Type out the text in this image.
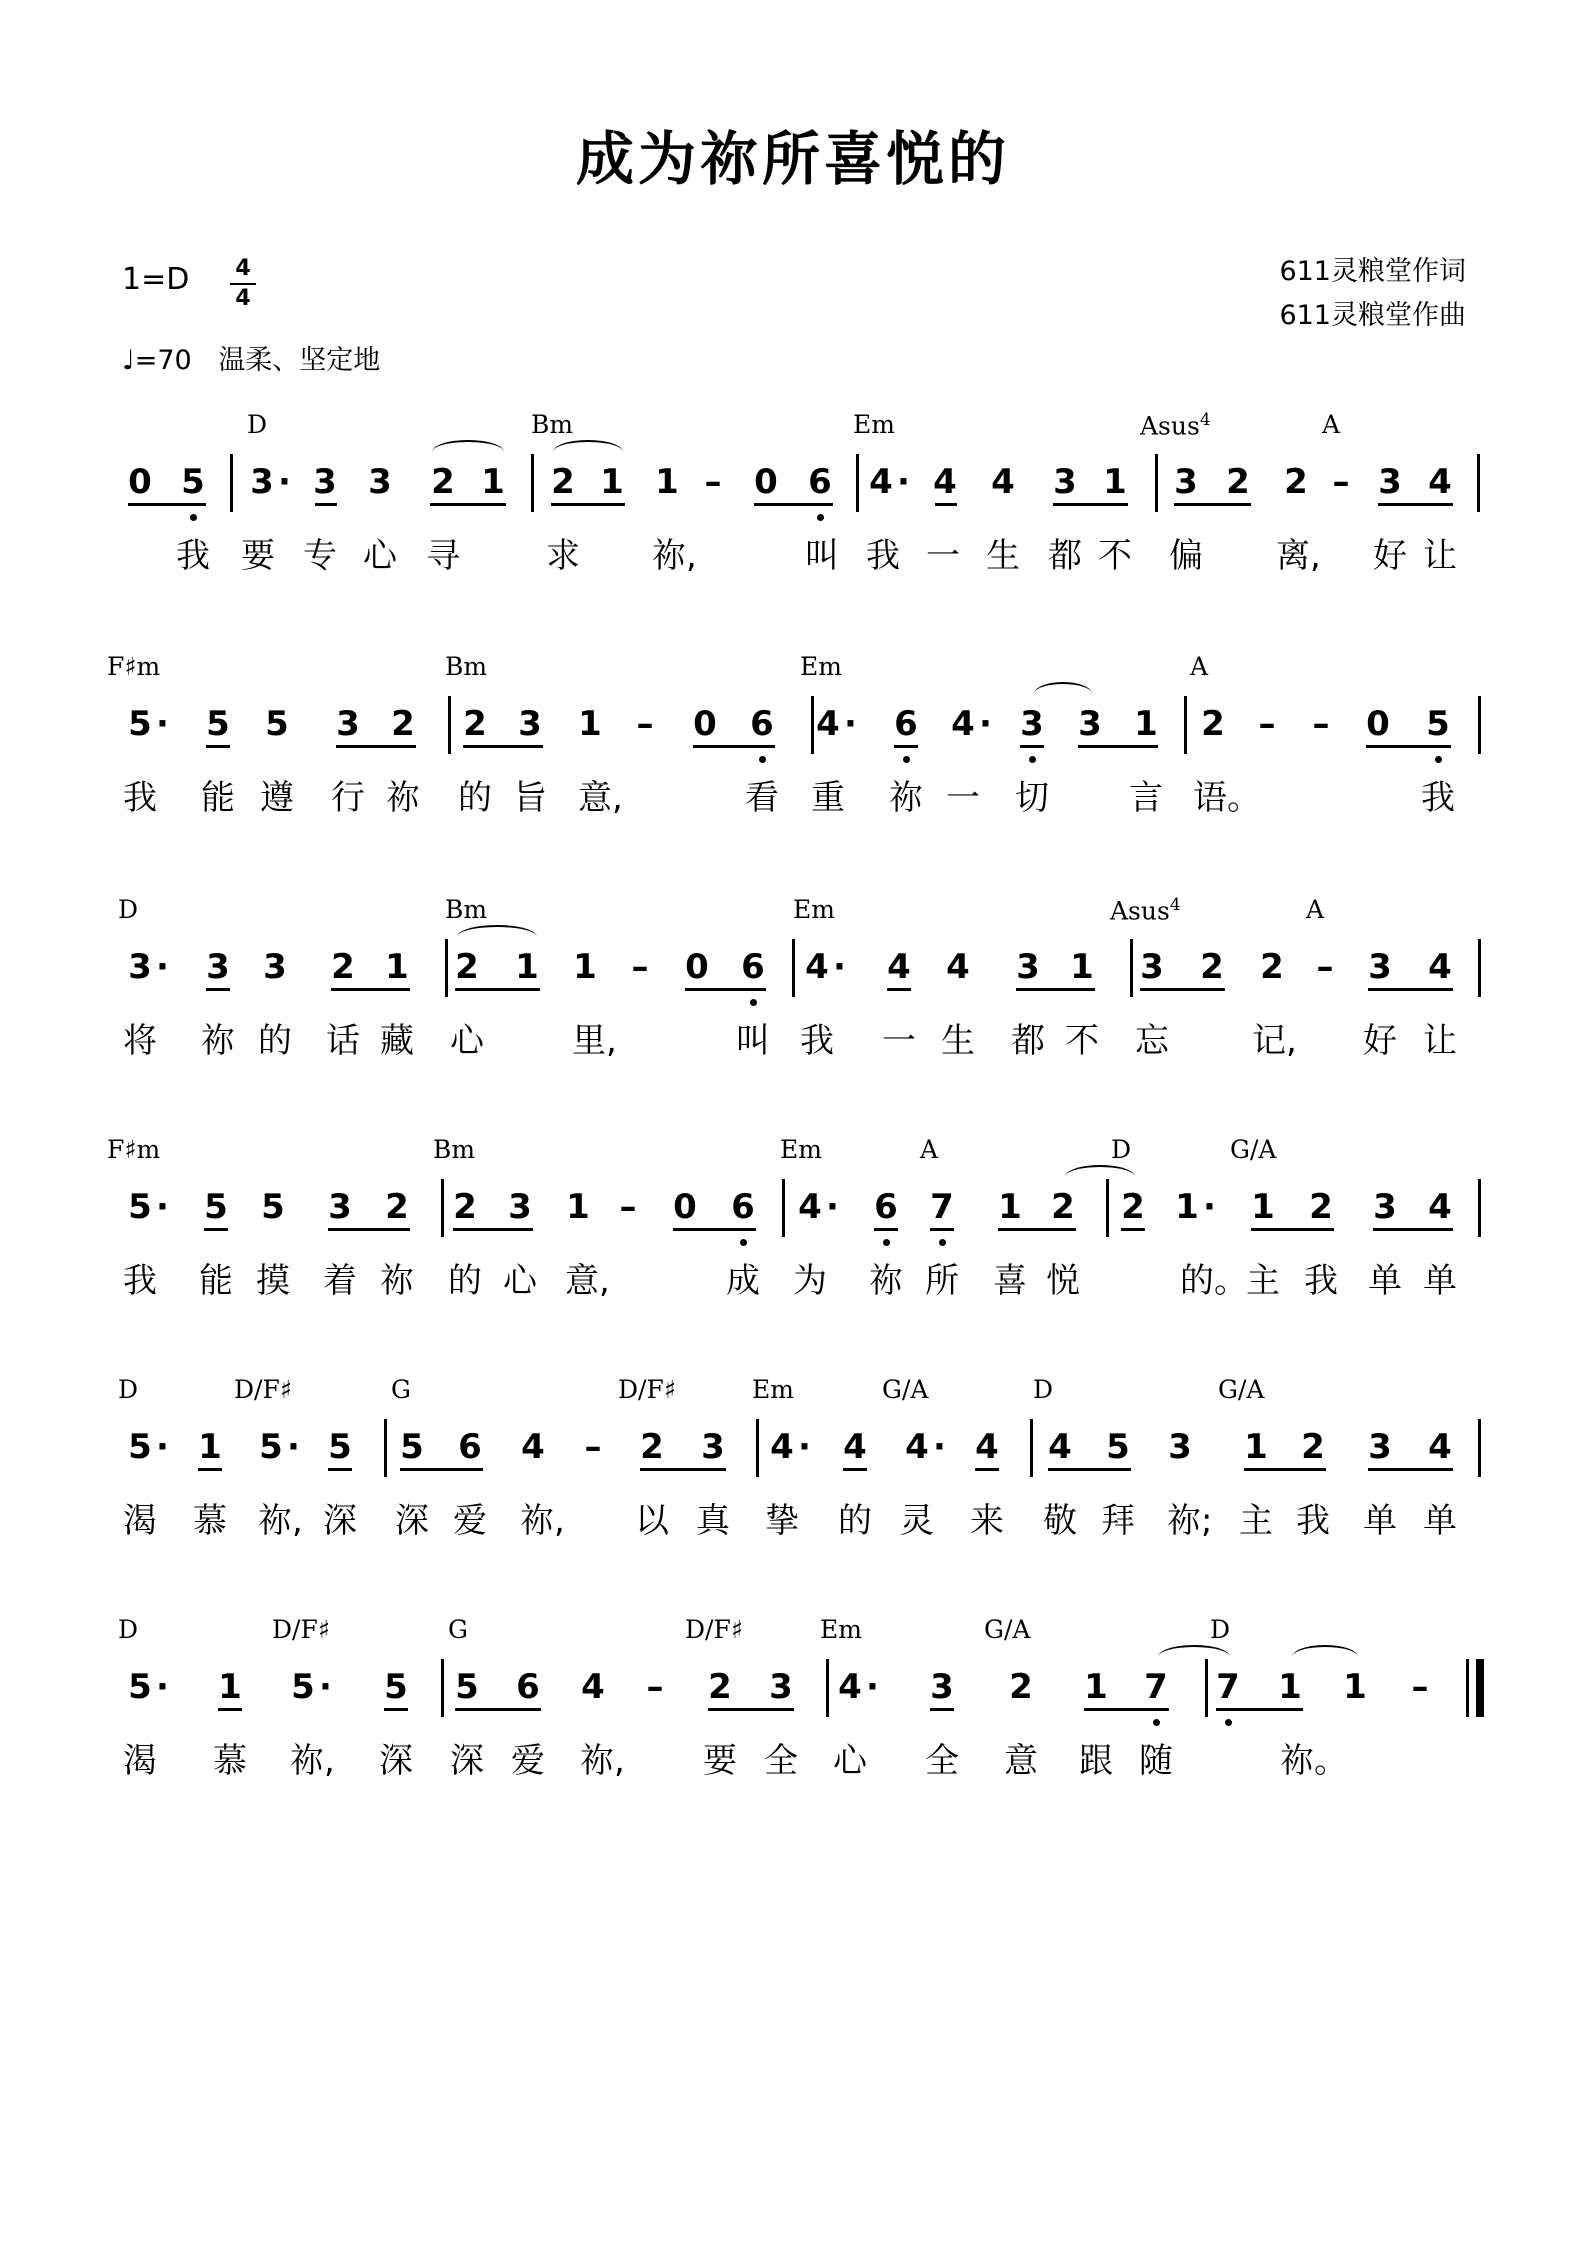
成为祢所喜悦的
1=D 4
4
♩=70 温柔、坚定地
611灵粮堂作词
611灵粮堂作曲
D	Bm	Em	Asus$^4$	A
0 5 3 · 3 3 2 1 2 1 1 – 0 6 4 · 4 4 3 1 3 2 2 – 3 4
我 要 专 心 寻	求 祢,	叫 我 一 生 都 不 偏 离, 好 让
F♯m	Bm	Em	A
5 · 5 5 3 2 2 3 1 – 0 6 4 · 6 4 · 3 3 1 2 – – 0 5
我 能 遵 行 祢 的 旨 意,	看 重 祢 一 切 言 语。	我
D	Bm	Em	Asus$^4$	A
3 · 3 3 2 1 2 1 1 – 0 6 4 · 4 4 3 1 3 2 2 – 3 4
将 祢 的 话 藏 心	里,	叫 我 一 生 都 不 忘 记, 好 让
F♯m	Bm	Em	A	D	G/A
5 · 5 5 3 2 2 3 1 – 0 6 4 · 6 7 1 2 2 1 · 1 2 3 4
我 能 摸 着 祢 的 心 意,	成 为 祢 所 喜 悦	的。
主 我 单 单
D	D/F♯	G	D/F♯	Em	G/A	D	G/A
5 · 1 5 · 5 5 6 4 – 2 3 4 · 4 4 · 4 4 5 3 1 2 3 4
渴 慕 祢, 深 深 爱 祢, 以 真 挚 的 灵 来 敬 拜 祢; 主 我 单 单
D	D/F♯	G	D/F♯	Em	G/A	D
5 · 1 5 · 5 5 6 4 – 2 3 4 · 3 2 1 7 7 1 1 –
渴 慕 祢, 深 深 爱 祢, 要 全 心 全 意 跟 随	祢。
